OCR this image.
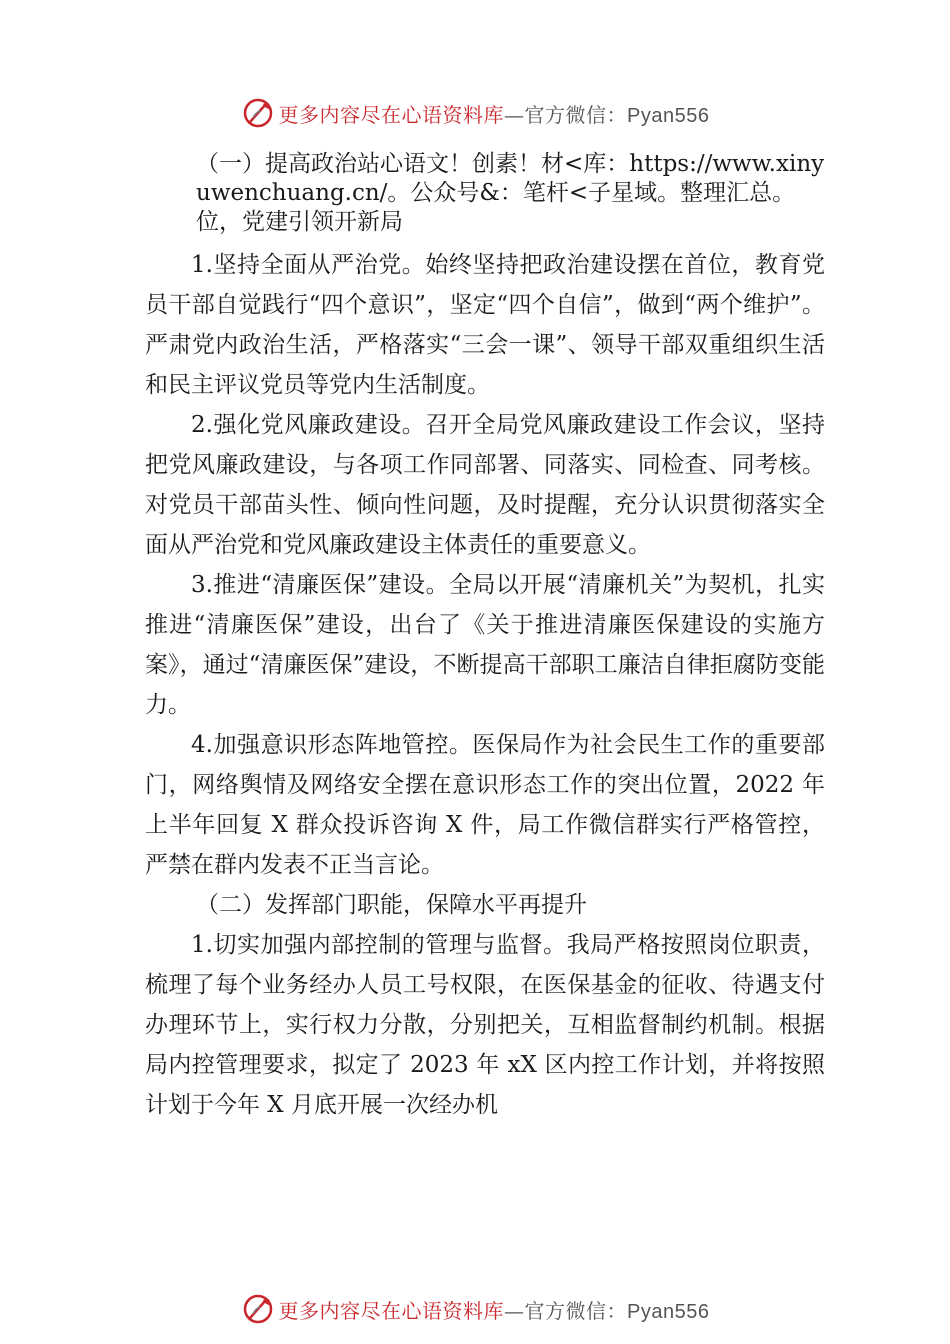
更多内容尽在心语资料库—官方微信：Pyan556
（一）提高政治站心语文！创素！材<库：https://www.xinyuwenchuang.cn/。公众号&：笔杆<子星域。整理汇总。位，党建引领开新局

1.坚持全面从严治党。始终坚持把政治建设摆在首位，教育党员干部自觉践行“四个意识”，坚定“四个自信”，做到“两个维护”。严肃党内政治生活，严格落实“三会一课”、领导干部双重组织生活和民主评议党员等党内生活制度。

2.强化党风廉政建设。召开全局党风廉政建设工作会议，坚持把党风廉政建设，与各项工作同部署、同落实、同检查、同考核。对党员干部苗头性、倾向性问题，及时提醒，充分认识贯彻落实全面从严治党和党风廉政建设主体责任的重要意义。

3.推进“清廉医保”建设。全局以开展“清廉机关”为契机，扎实推进“清廉医保”建设，出台了《关于推进清廉医保建设的实施方案》，通过“清廉医保”建设，不断提高干部职工廉洁自律拒腐防变能力。

4.加强意识形态阵地管控。医保局作为社会民生工作的重要部门，网络舆情及网络安全摆在意识形态工作的突出位置，2022 年上半年回复 X 群众投诉咨询 X 件，局工作微信群实行严格管控，严禁在群内发表不正当言论。

（二）发挥部门职能，保障水平再提升

1.切实加强内部控制的管理与监督。我局严格按照岗位职责，梳理了每个业务经办人员工号权限，在医保基金的征收、待遇支付办理环节上，实行权力分散，分别把关，互相监督制约机制。根据局内控管理要求，拟定了 2023 年 xX 区内控工作计划，并将按照计划于今年 X 月底开展一次经办机

更多内容尽在心语资料库—官方微信：Pyan556
